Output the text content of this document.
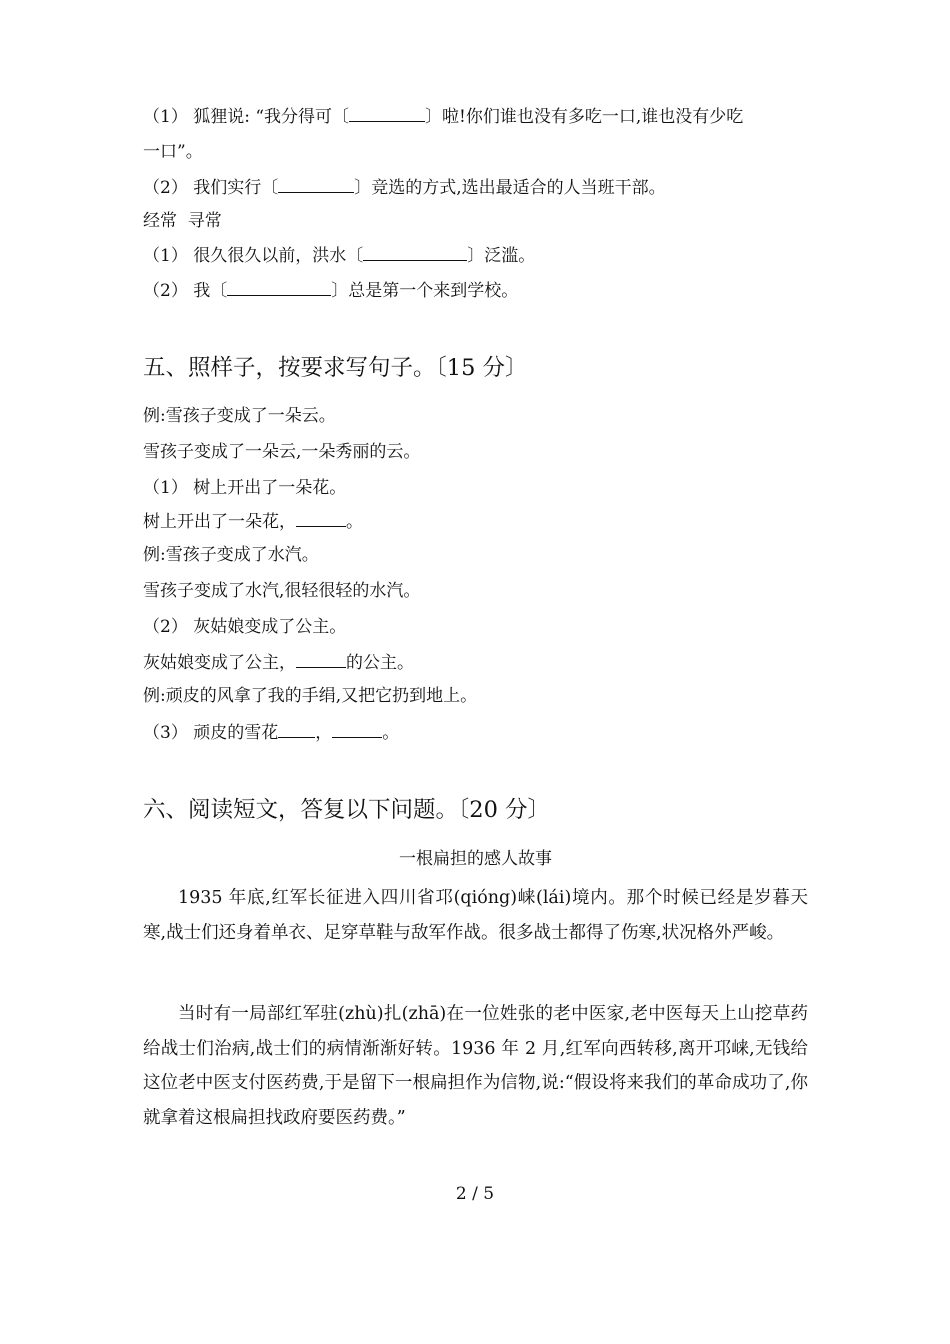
（1） 狐狸说: “我分得可〔	〕啦!你们谁也没有多吃一口,谁也没有少吃
一口”。
（2） 我们实行〔	〕竞选的方式,选出最适合的人当班干部。
经常  寻常
（1） 很久很久以前，洪水〔	〕泛滥。
（2） 我〔	〕总是第一个来到学校。
五、照样子，按要求写句子。〔15 分〕
例:雪孩子变成了一朵云。
雪孩子变成了一朵云,一朵秀丽的云。
（1） 树上开出了一朵花。
树上开出了一朵花，	。
例:雪孩子变成了水汽。
雪孩子变成了水汽,很轻很轻的水汽。
（2） 灰姑娘变成了公主。
灰姑娘变成了公主，	的公主。
例:顽皮的风拿了我的手绢,又把它扔到地上。
（3） 顽皮的雪花 ，	。
六、阅读短文，答复以下问题。〔20 分〕
一根扁担的感人故事
1935 年底,红军长征进入四川省邛(qióng)崃(lái)境内。那个时候已经是岁暮天寒,战士们还身着单衣、足穿草鞋与敌军作战。很多战士都得了伤寒,状况格外严峻。
当时有一局部红军驻(zhù)扎(zhā)在一位姓张的老中医家,老中医每天上山挖草药给战士们治病,战士们的病情渐渐好转。1936 年 2 月,红军向西转移,离开邛崃,无钱给这位老中医支付医药费,于是留下一根扁担作为信物,说:“假设将来我们的革命成功了,你就拿着这根扁担找政府要医药费。”
2 / 5
